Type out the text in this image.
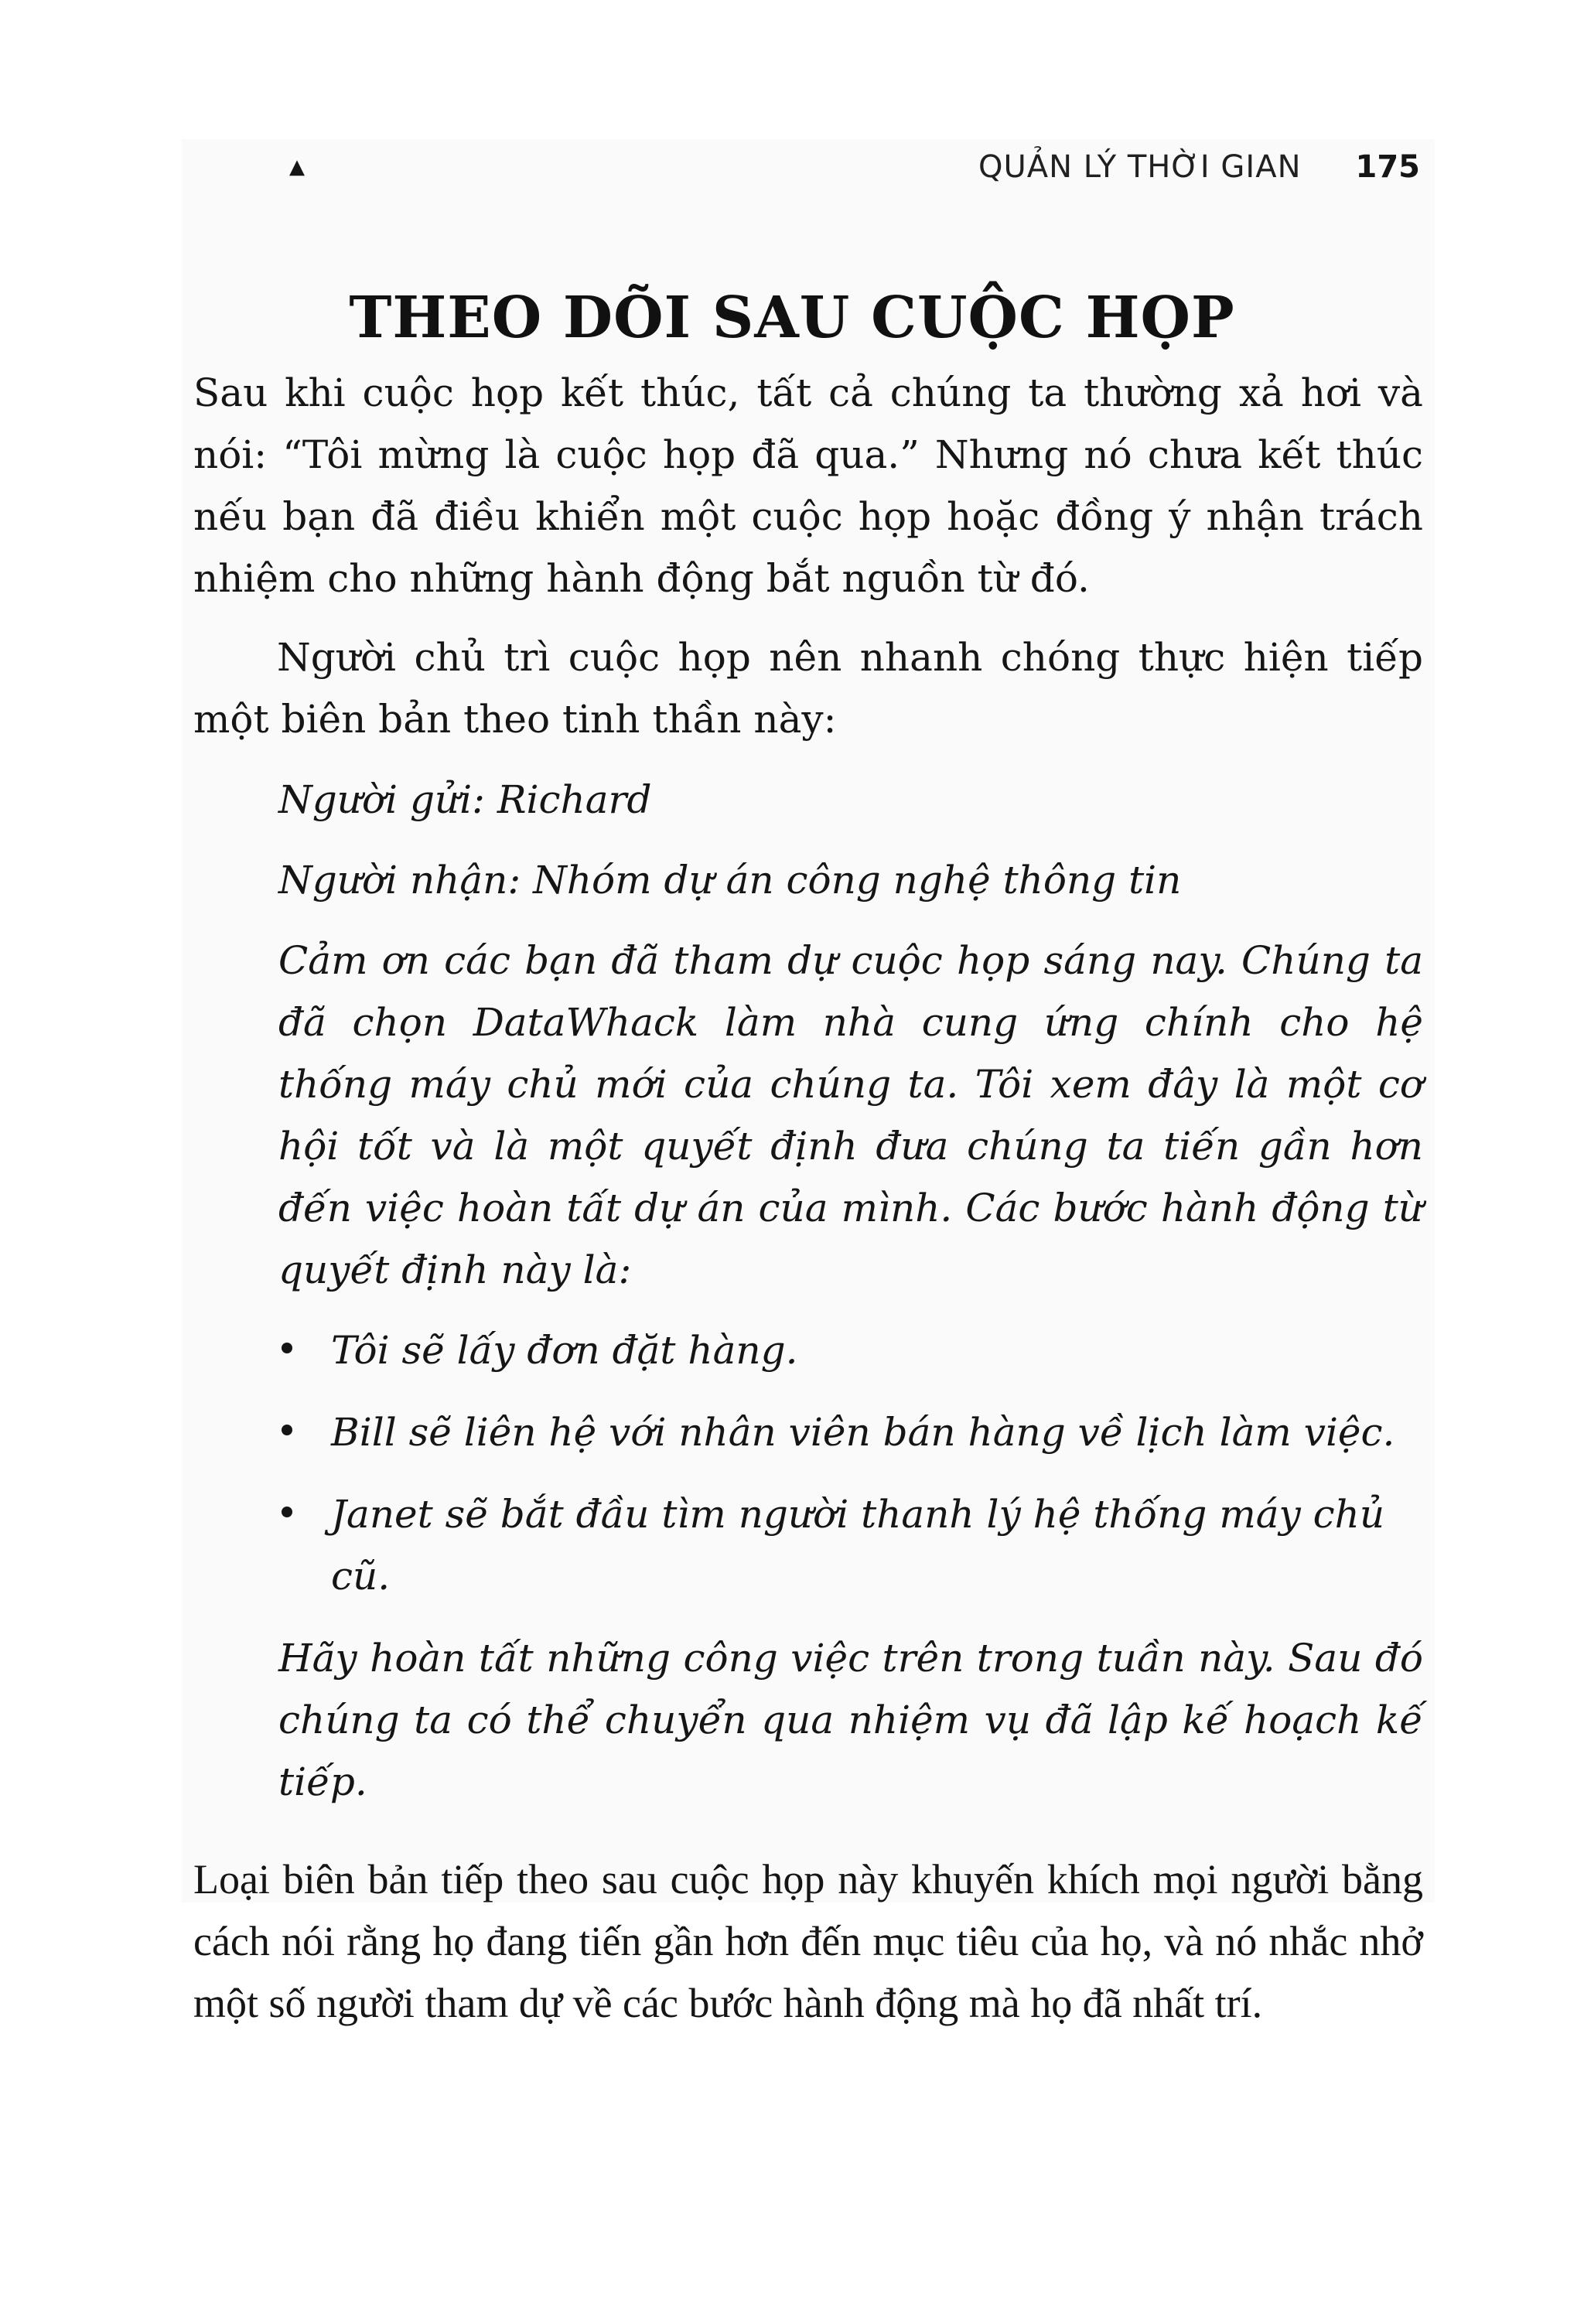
▲	QUẢN LÝ THỜI GIAN 175
THEO DÕI SAU CUỘC HỌP

Sau khi cuộc họp kết thúc, tất cả chúng ta thường xả hơi và nói: “Tôi mừng là cuộc họp đã qua.” Nhưng nó chưa kết thúc nếu bạn đã điều khiển một cuộc họp hoặc đồng ý nhận trách nhiệm cho những hành động bắt nguồn từ đó.

Người chủ trì cuộc họp nên nhanh chóng thực hiện tiếp một biên bản theo tinh thần này:

Người gửi: Richard

Người nhận: Nhóm dự án công nghệ thông tin

Cảm ơn các bạn đã tham dự cuộc họp sáng nay. Chúng ta đã chọn DataWhack làm nhà cung ứng chính cho hệ thống máy chủ mới của chúng ta. Tôi xem đây là một cơ hội tốt và là một quyết định đưa chúng ta tiến gần hơn đến việc hoàn tất dự án của mình. Các bước hành động từ quyết định này là:

Tôi sẽ lấy đơn đặt hàng.
Bill sẽ liên hệ với nhân viên bán hàng về lịch làm việc.
Janet sẽ bắt đầu tìm người thanh lý hệ thống máy chủ cũ.

Hãy hoàn tất những công việc trên trong tuần này. Sau đó chúng ta có thể chuyển qua nhiệm vụ đã lập kế hoạch kế tiếp.

Loại biên bản tiếp theo sau cuộc họp này khuyến khích mọi người bằng cách nói rằng họ đang tiến gần hơn đến mục tiêu của họ, và nó nhắc nhở một số người tham dự về các bước hành động mà họ đã nhất trí.
